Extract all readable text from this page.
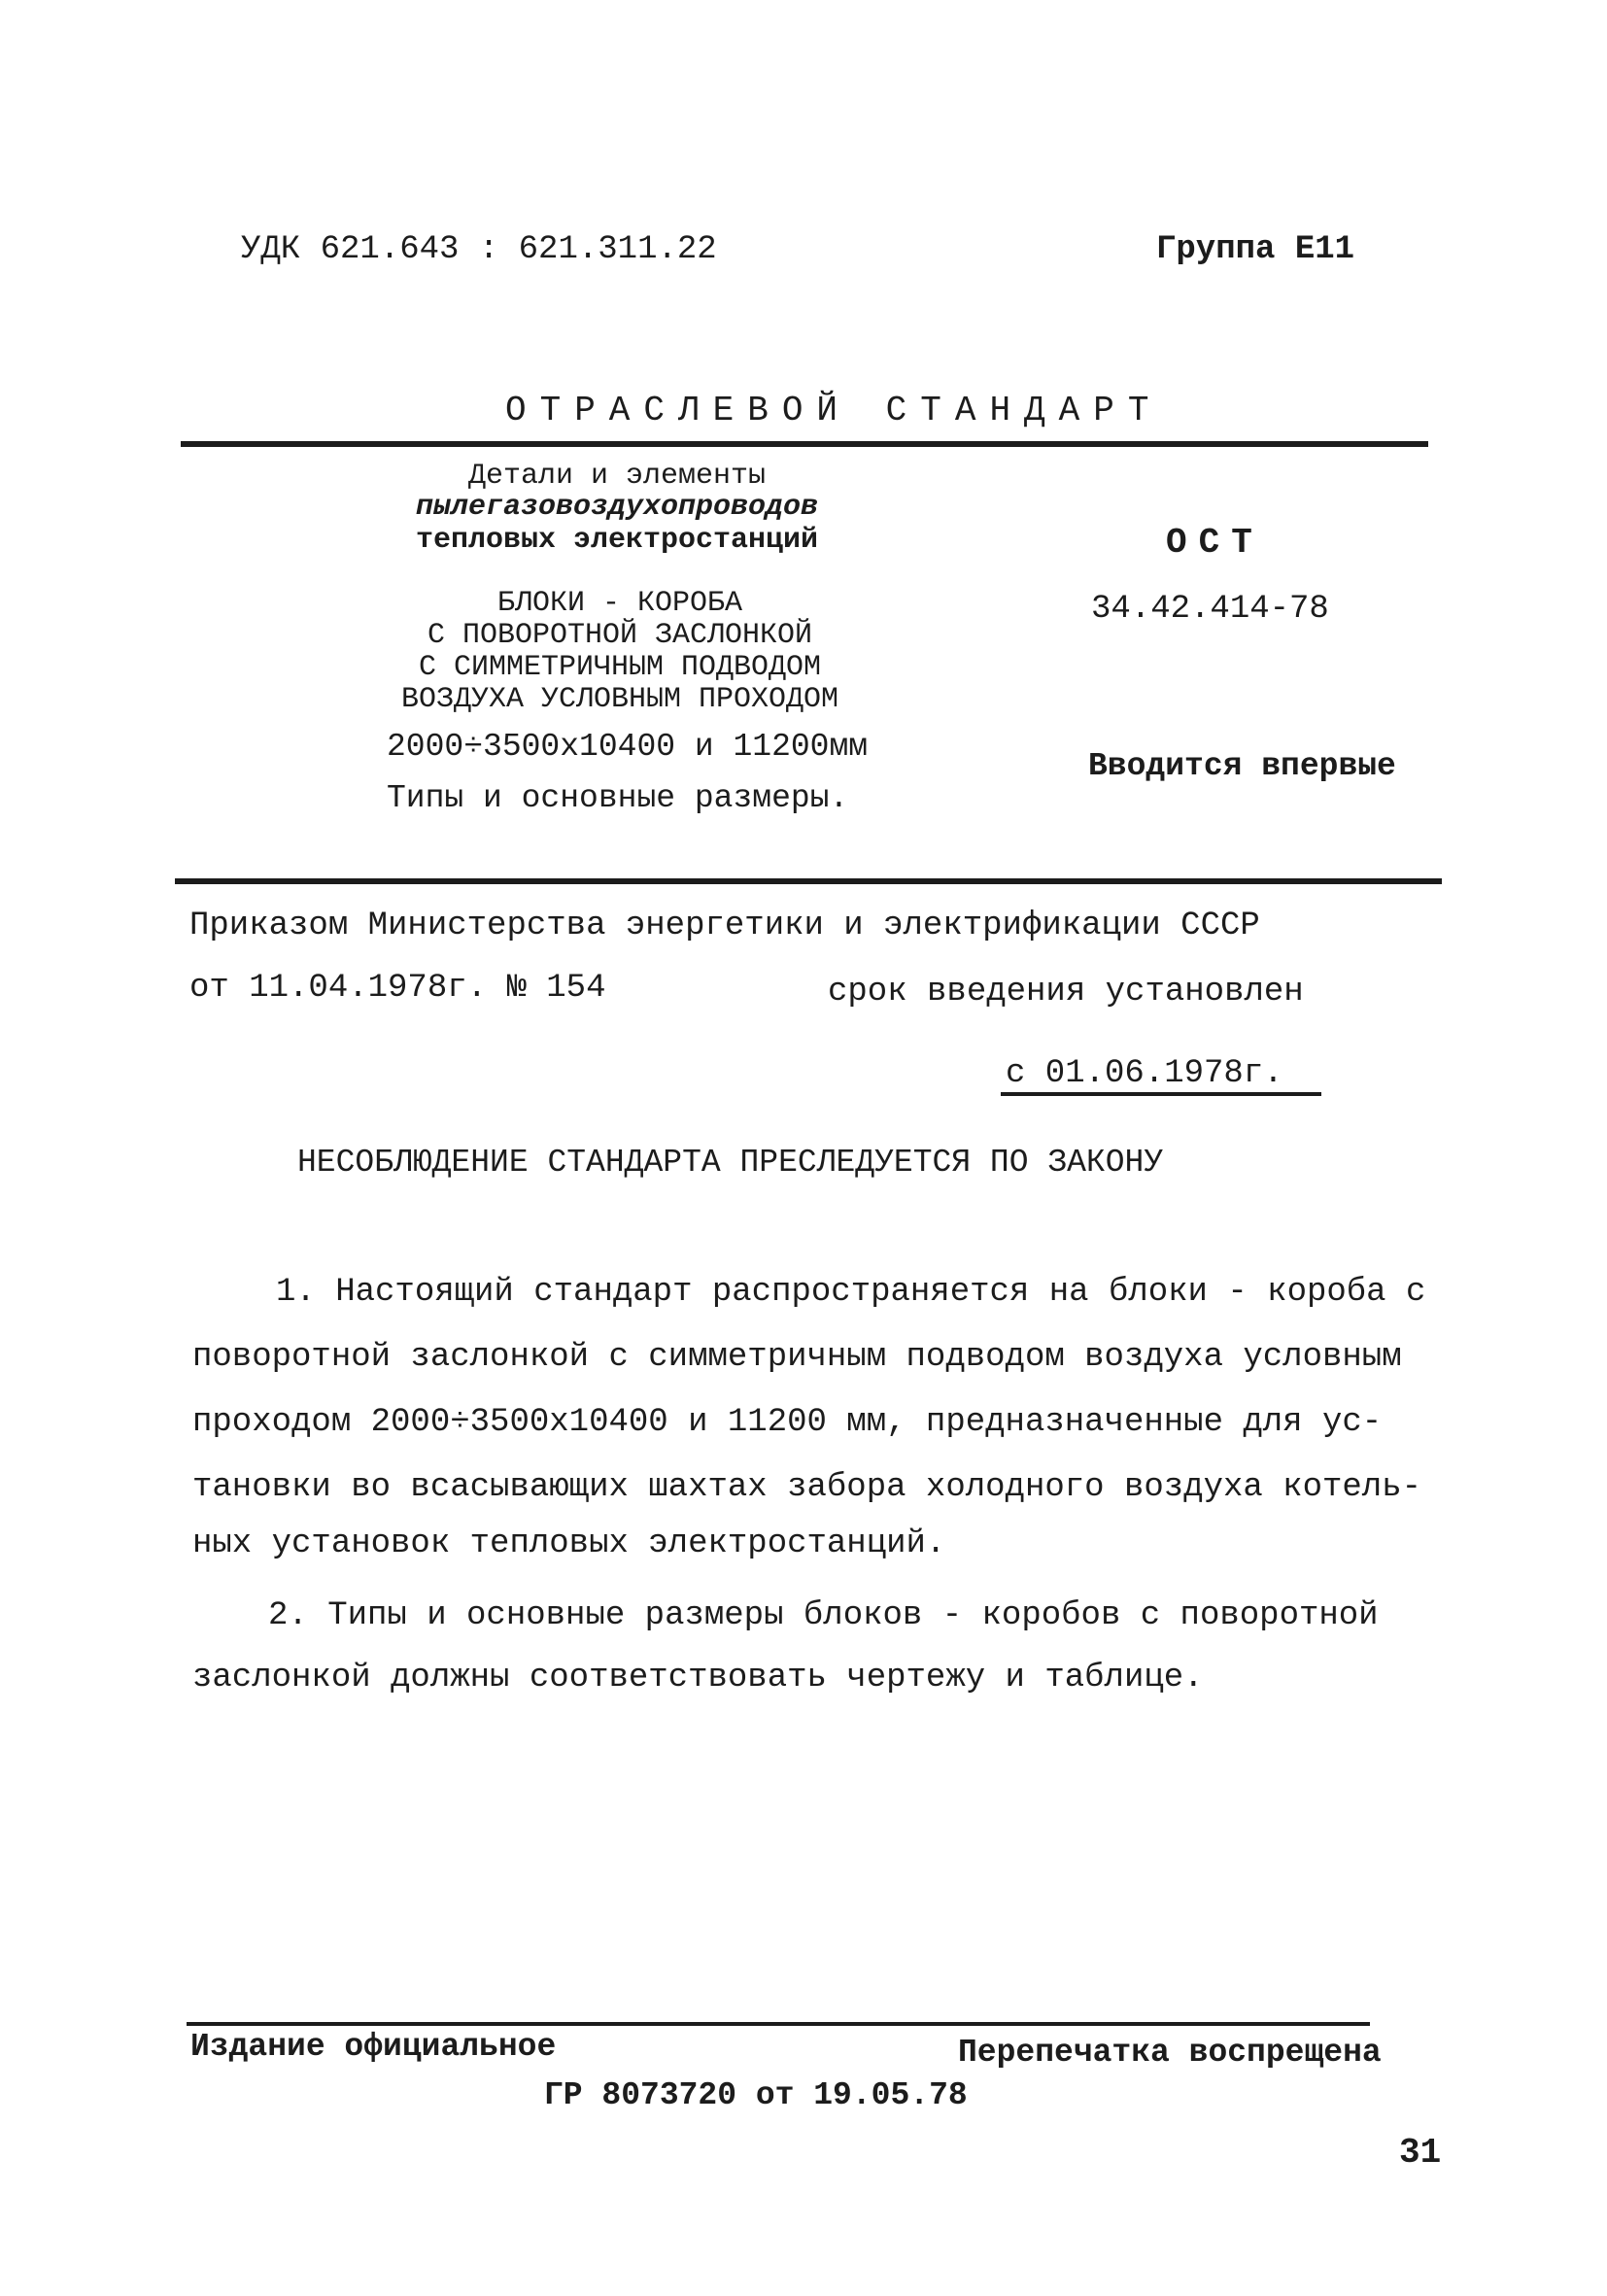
УДК 621.643 : 621.311.22	Группа Е11
ОТРАСЛЕВОЙ СТАНДАРТ
Детали и элементы
пылегазовоздухопроводов
тепловых электростанций
БЛОКИ - КОРОБА
С ПОВОРОТНОЙ ЗАСЛОНКОЙ
С СИММЕТРИЧНЫМ ПОДВОДОМ
ВОЗДУХА УСЛОВНЫМ ПРОХОДОМ
2000÷3500х10400 и 11200мм
Типы и основные размеры.
ОСТ
34.42.414-78
Вводится впервые
Приказом Министерства энергетики и электрификации СССР
от 11.04.1978г. № 154	срок введения установлен
с 01.06.1978г.
НЕСОБЛЮДЕНИЕ СТАНДАРТА ПРЕСЛЕДУЕТСЯ ПО ЗАКОНУ
1. Настоящий стандарт распространяется на блоки - короба с
поворотной заслонкой с симметричным подводом воздуха условным
проходом 2000÷3500х10400 и 11200 мм, предназначенные для ус-
тановки во всасывающих шахтах забора холодного воздуха котель-
ных установок тепловых электростанций.
2. Типы и основные размеры блоков - коробов с поворотной
заслонкой должны соответствовать чертежу и таблице.
Издание официальное	Перепечатка воспрещена
ГР 8073720 от 19.05.78
31
